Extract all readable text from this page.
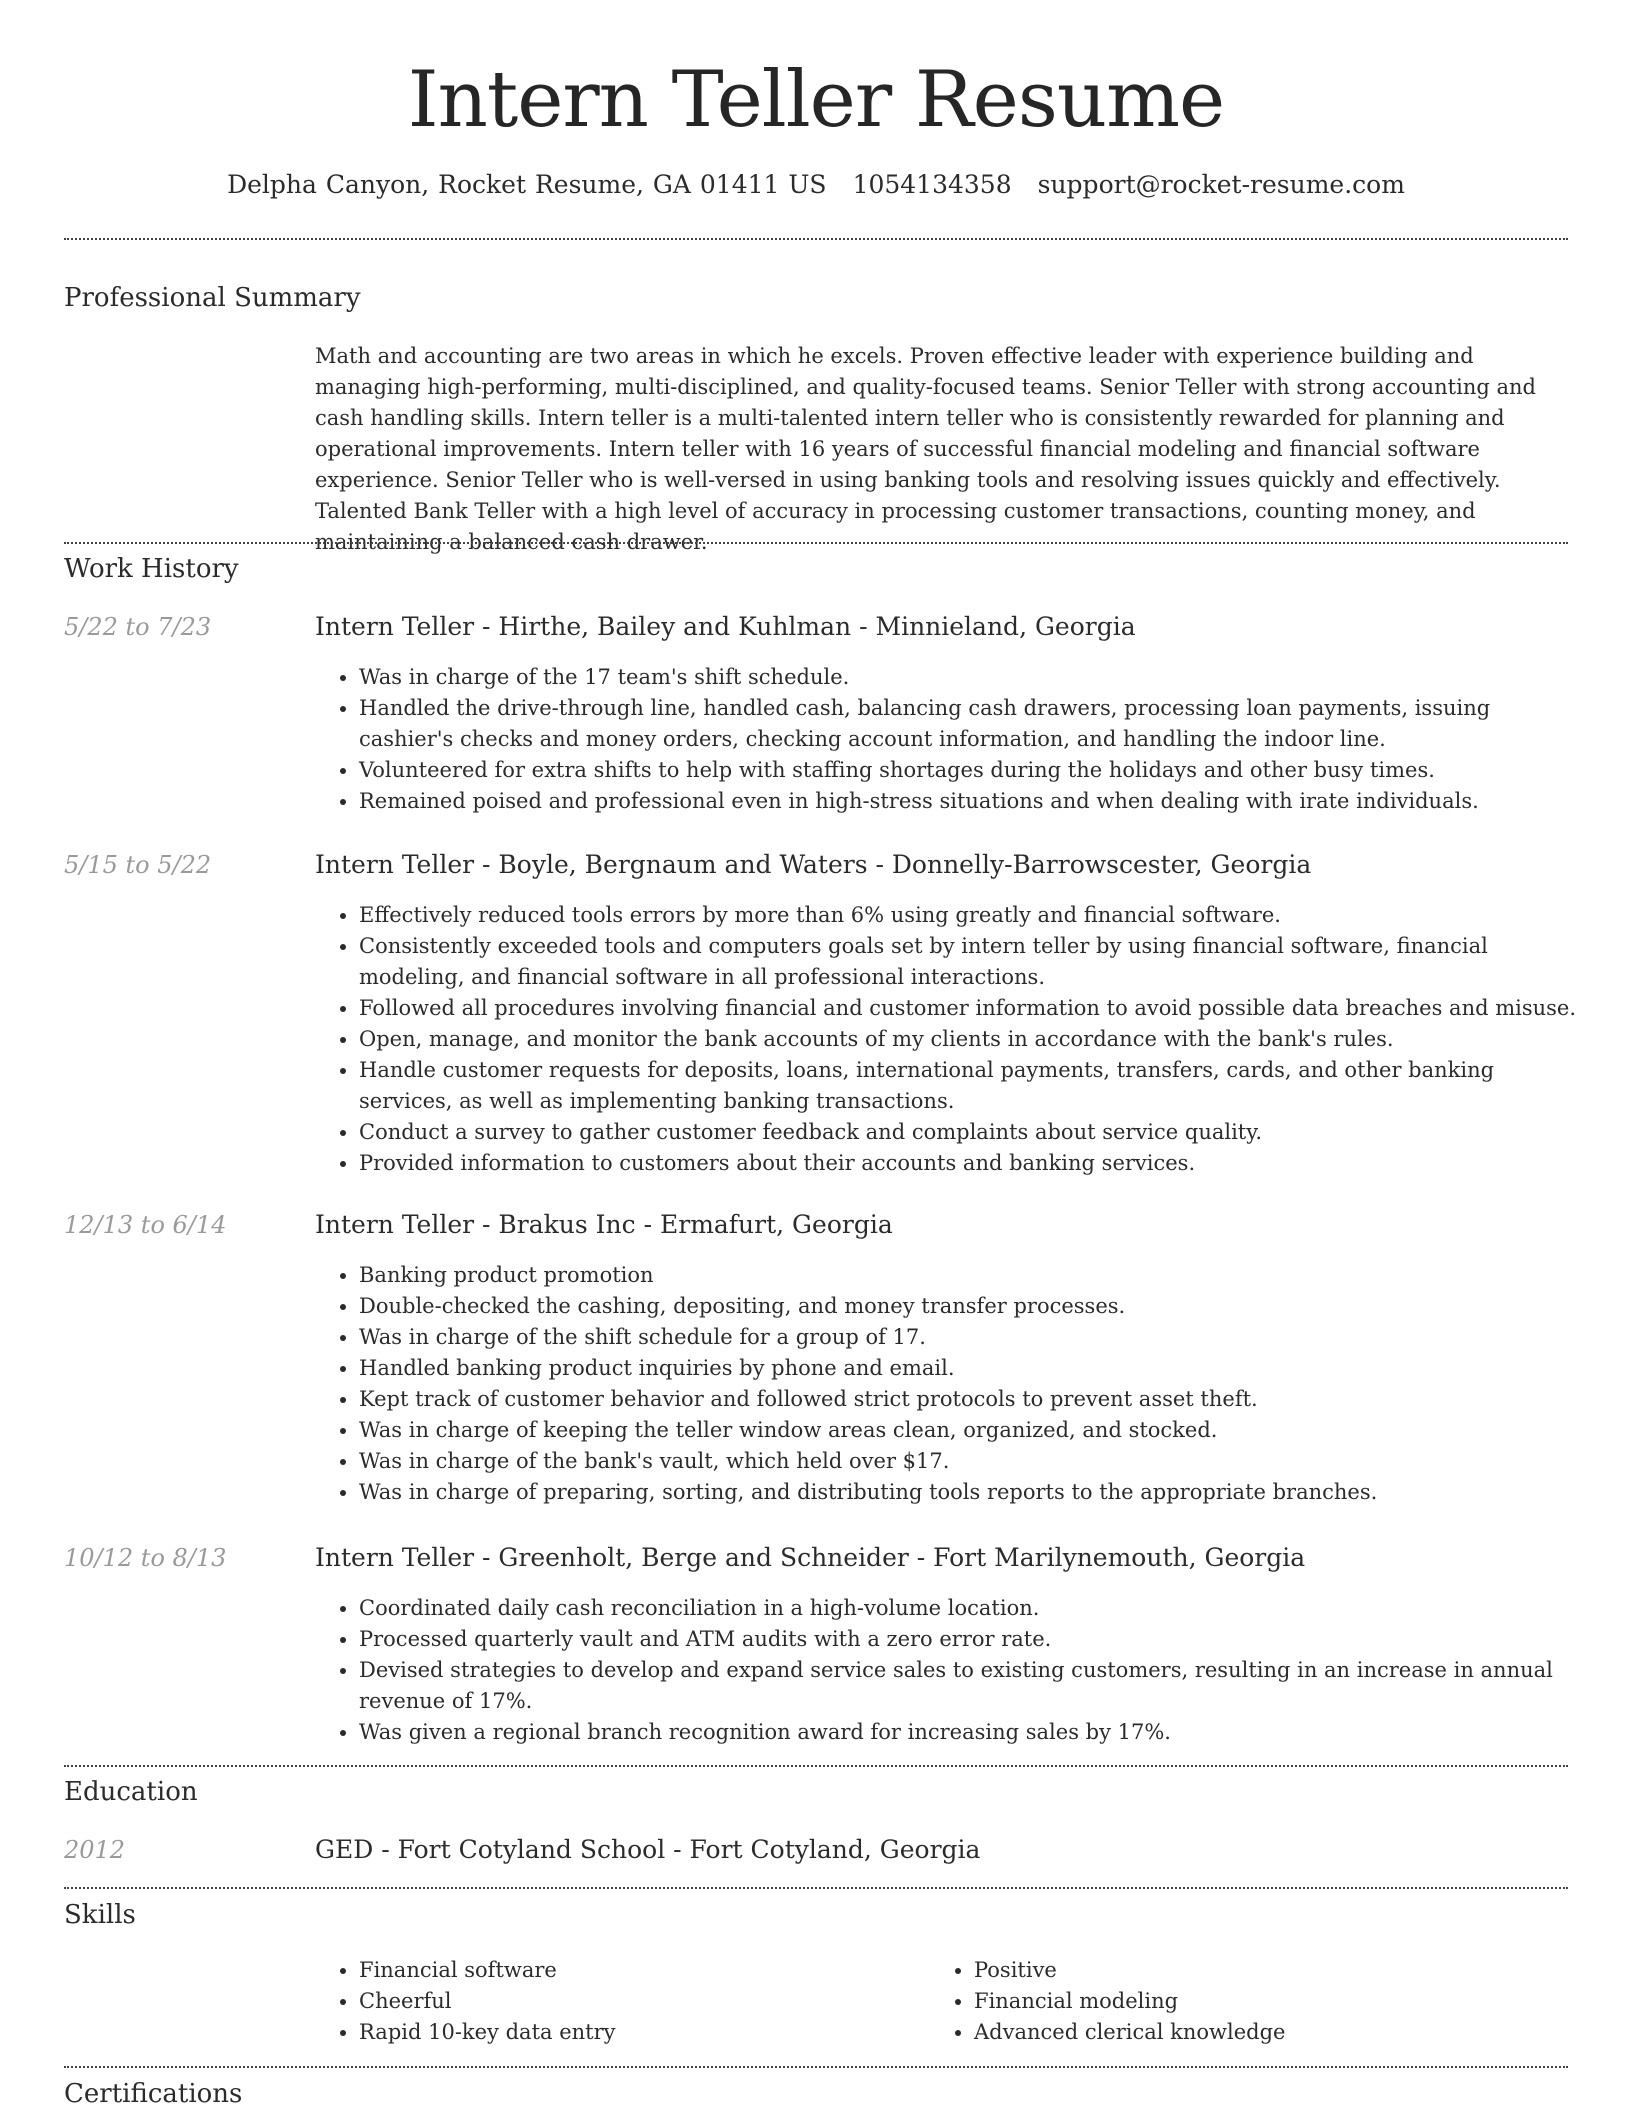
Intern Teller Resume
Delpha Canyon, Rocket Resume, GA 01411 US 1054134358 support@rocket-resume.com
Professional Summary

Math and accounting are two areas in which he excels. Proven effective leader with experience building and managing high-performing, multi-disciplined, and quality-focused teams. Senior Teller with strong accounting and cash handling skills. Intern teller is a multi-talented intern teller who is consistently rewarded for planning and operational improvements. Intern teller with 16 years of successful financial modeling and financial software experience. Senior Teller who is well-versed in using banking tools and resolving issues quickly and effectively. Talented Bank Teller with a high level of accuracy in processing customer transactions, counting money, and maintaining a balanced cash drawer.

Work History
5/22 to 7/23	Intern Teller - Hirthe, Bailey and Kuhlman - Minnieland, Georgia
• Was in charge of the 17 team's shift schedule.
• Handled the drive-through line, handled cash, balancing cash drawers, processing loan payments, issuing cashier's checks and money orders, checking account information, and handling the indoor line.
• Volunteered for extra shifts to help with staffing shortages during the holidays and other busy times.
• Remained poised and professional even in high-stress situations and when dealing with irate individuals.
5/15 to 5/22	Intern Teller - Boyle, Bergnaum and Waters - Donnelly-Barrowscester, Georgia
• Effectively reduced tools errors by more than 6% using greatly and financial software.
• Consistently exceeded tools and computers goals set by intern teller by using financial software, financial modeling, and financial software in all professional interactions.
• Followed all procedures involving financial and customer information to avoid possible data breaches and misuse.
• Open, manage, and monitor the bank accounts of my clients in accordance with the bank's rules.
• Handle customer requests for deposits, loans, international payments, transfers, cards, and other banking services, as well as implementing banking transactions.
• Conduct a survey to gather customer feedback and complaints about service quality.
• Provided information to customers about their accounts and banking services.
12/13 to 6/14	Intern Teller - Brakus Inc - Ermafurt, Georgia
• Banking product promotion
• Double-checked the cashing, depositing, and money transfer processes.
• Was in charge of the shift schedule for a group of 17.
• Handled banking product inquiries by phone and email.
• Kept track of customer behavior and followed strict protocols to prevent asset theft.
• Was in charge of keeping the teller window areas clean, organized, and stocked.
• Was in charge of the bank's vault, which held over $17.
• Was in charge of preparing, sorting, and distributing tools reports to the appropriate branches.
10/12 to 8/13	Intern Teller - Greenholt, Berge and Schneider - Fort Marilynemouth, Georgia
• Coordinated daily cash reconciliation in a high-volume location.
• Processed quarterly vault and ATM audits with a zero error rate.
• Devised strategies to develop and expand service sales to existing customers, resulting in an increase in annual revenue of 17%.
• Was given a regional branch recognition award for increasing sales by 17%.
Education
2012	GED - Fort Cotyland School - Fort Cotyland, Georgia
Skills
• Financial software
• Cheerful
• Rapid 10-key data entry
• Positive
• Financial modeling
• Advanced clerical knowledge
Certifications
